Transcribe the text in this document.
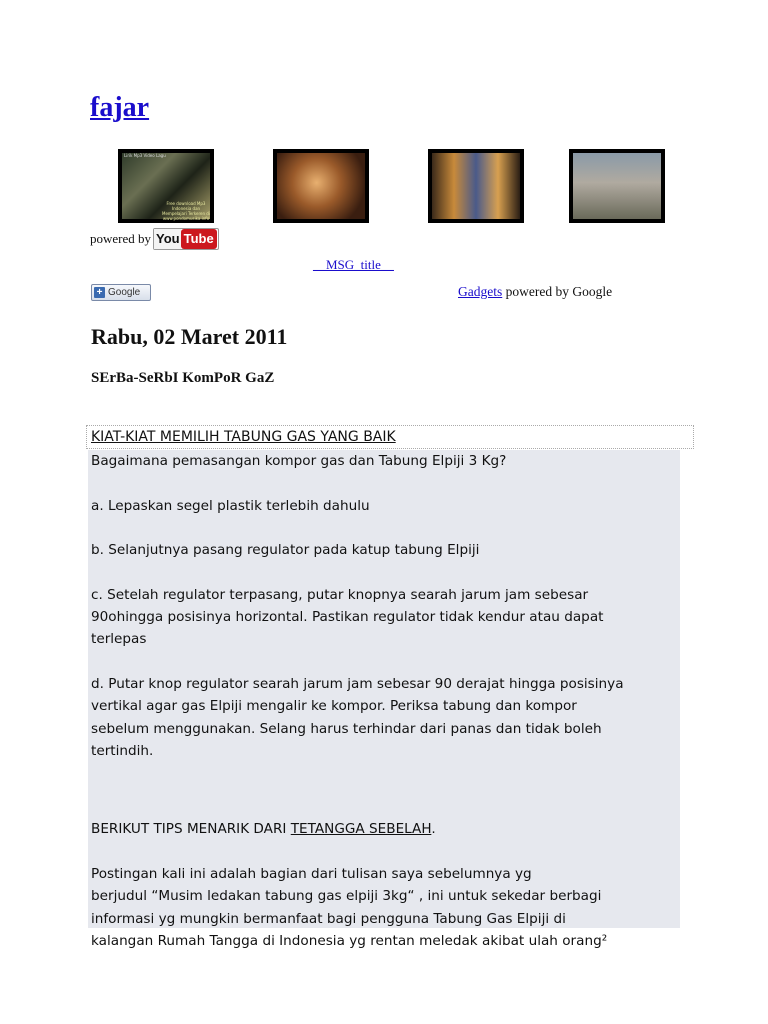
fajar
Lirik Mp3 Video Lagu
Free download Mp3 Indonesia dan Mempelajari Terkeren di www.pondomusika.info
powered by You Tube
__MSG_title__
+ Google	Gadgets powered by Google
Rabu, 02 Maret 2011
SErBa-SeRbI KomPoR GaZ
KIAT-KIAT MEMILIH TABUNG GAS YANG BAIK

Bagaimana pemasangan kompor gas dan Tabung Elpiji 3 Kg?

a. Lepaskan segel plastik terlebih dahulu

b. Selanjutnya pasang regulator pada katup tabung Elpiji

c. Setelah regulator terpasang, putar knopnya searah jarum jam sebesar

90ohingga posisinya horizontal. Pastikan regulator tidak kendur atau dapat

terlepas

d. Putar knop regulator searah jarum jam sebesar 90 derajat hingga posisinya

vertikal agar gas Elpiji mengalir ke kompor. Periksa tabung dan kompor

sebelum menggunakan. Selang harus terhindar dari panas dan tidak boleh

tertindih.

BERIKUT TIPS MENARIK DARI TETANGGA SEBELAH.

Postingan kali ini adalah bagian dari tulisan saya sebelumnya yg

berjudul “Musim ledakan tabung gas elpiji 3kg“ , ini untuk sekedar berbagi

informasi yg mungkin bermanfaat bagi pengguna Tabung Gas Elpiji di

kalangan Rumah Tangga di Indonesia yg rentan meledak akibat ulah orang²
